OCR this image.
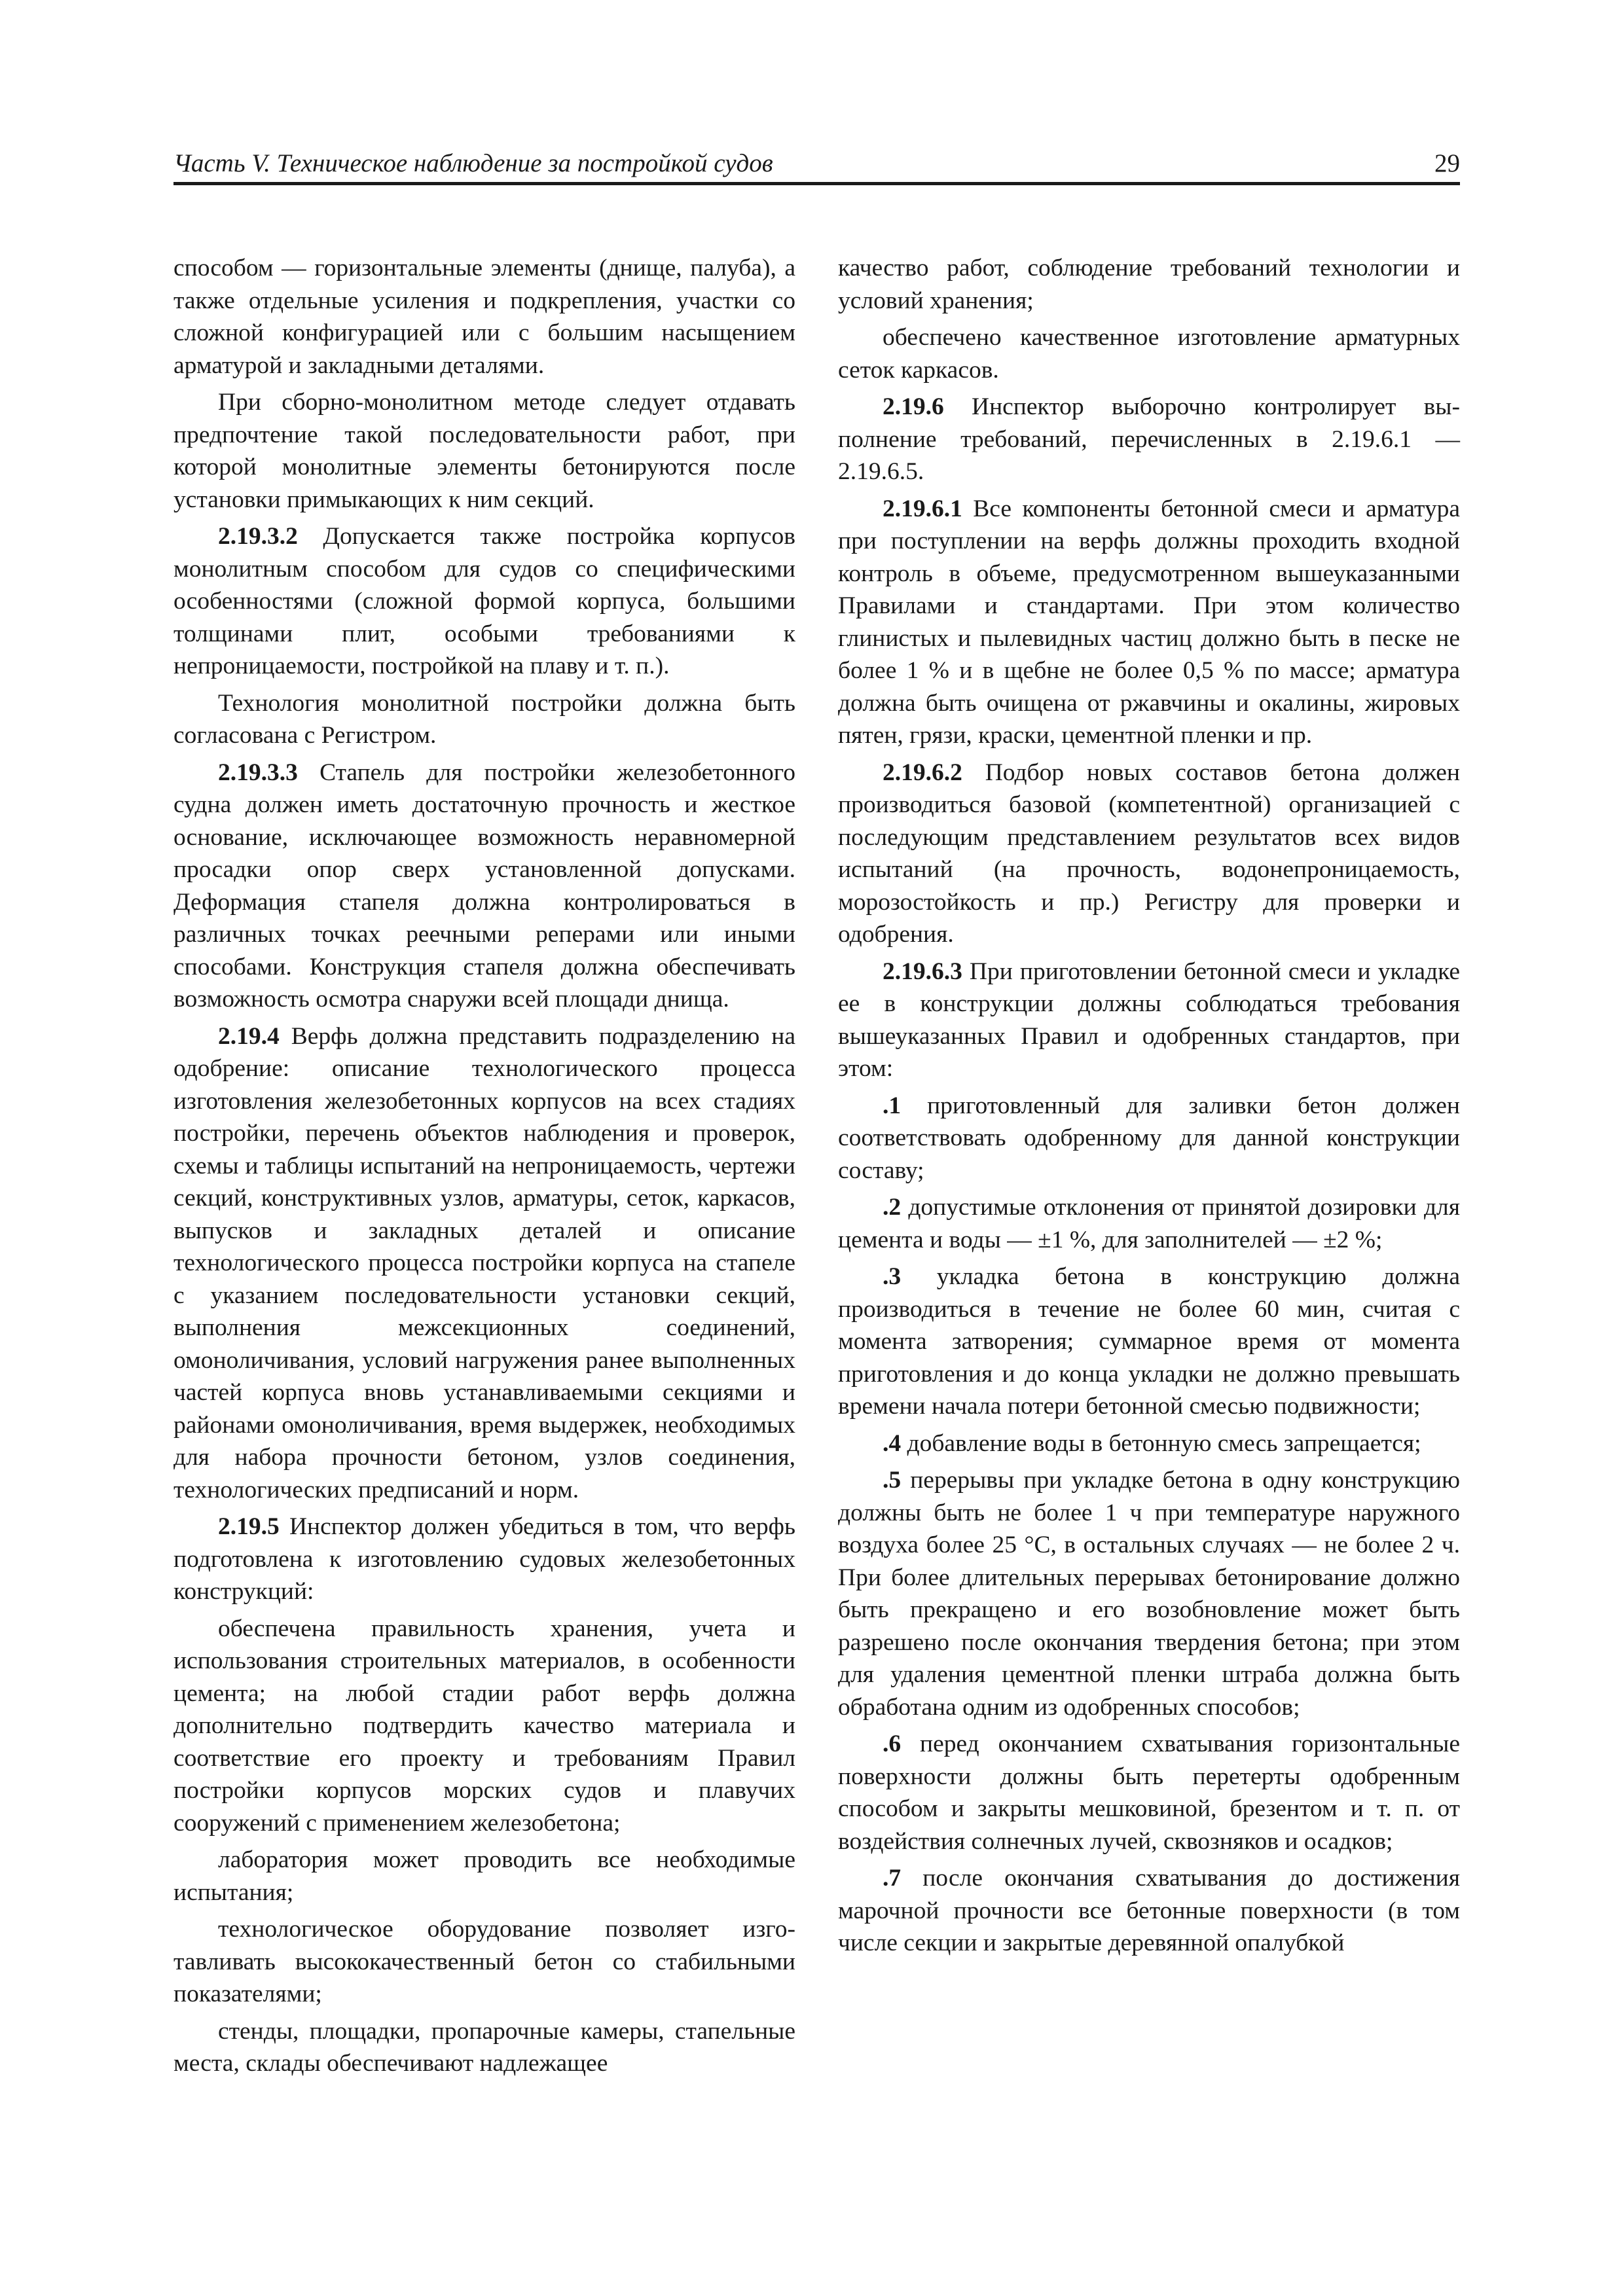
Часть V. Техническое наблюдение за постройкой судов	29

способом — горизонтальные элементы (днище, палуба), а также отдельные усиления и подкрепления, участки со сложной конфигурацией или с большим насыщением арматурой и закладными деталями.

При сборно-монолитном методе следует отдавать предпочтение такой последовательности работ, при которой монолитные элементы бетонируются после установки примыкающих к ним секций.

2.19.3.2 Допускается также постройка корпусов монолитным способом для судов со специфическими особенностями (сложной формой корпуса, большими толщинами плит, особыми требованиями к непроницаемости, постройкой на плаву и т. п.).

Технология монолитной постройки должна быть согласована с Регистром.

2.19.3.3 Стапель для постройки железобетонного судна должен иметь достаточную прочность и жесткое основание, исключающее возможность неравномерной просадки опор сверх установленной допусками. Деформация стапеля должна контролироваться в различных точках реечными реперами или иными способами. Конструкция стапеля должна обеспечивать возможность осмотра снаружи всей площади днища.

2.19.4 Верфь должна представить подразделению на одобрение: описание технологического процесса изготовления железобетонных корпусов на всех стадиях постройки, перечень объектов наблюдения и проверок, схемы и таблицы испытаний на непроницаемость, чертежи секций, конструктивных узлов, арматуры, сеток, каркасов, выпусков и закладных деталей и описание технологического процесса постройки корпуса на стапеле с указанием последовательности установки секций, выполнения межсекционных соединений, омоноличивания, условий нагружения ранее выполненных частей корпуса вновь устанавливаемыми секциями и районами омоноличивания, время выдержек, необходимых для набора прочности бетоном, узлов соединения, технологических предписаний и норм.

2.19.5 Инспектор должен убедиться в том, что верфь подготовлена к изготовлению судовых железобетонных конструкций:

обеспечена правильность хранения, учета и использования строительных материалов, в особенности цемента; на любой стадии работ верфь должна дополнительно подтвердить качество материала и соответствие его проекту и требованиям Правил постройки корпусов морских судов и плавучих сооружений с применением железобетона;

лаборатория может проводить все необходимые испытания;

технологическое оборудование позволяет изготавливать высококачественный бетон со стабильными показателями;

стенды, площадки, пропарочные камеры, стапельные места, склады обеспечивают надлежащее

качество работ, соблюдение требований технологии и условий хранения;

обеспечено качественное изготовление арматурных сеток каркасов.

2.19.6 Инспектор выборочно контролирует выполнение требований, перечисленных в 2.19.6.1 — 2.19.6.5.

2.19.6.1 Все компоненты бетонной смеси и арматура при поступлении на верфь должны проходить входной контроль в объеме, предусмотренном вышеуказанными Правилами и стандартами. При этом количество глинистых и пылевидных частиц должно быть в песке не более 1 % и в щебне не более 0,5 % по массе; арматура должна быть очищена от ржавчины и окалины, жировых пятен, грязи, краски, цементной пленки и пр.

2.19.6.2 Подбор новых составов бетона должен производиться базовой (компетентной) организацией с последующим представлением результатов всех видов испытаний (на прочность, водонепроницаемость, морозостойкость и пр.) Регистру для проверки и одобрения.

2.19.6.3 При приготовлении бетонной смеси и укладке ее в конструкции должны соблюдаться требования вышеуказанных Правил и одобренных стандартов, при этом:

.1 приготовленный для заливки бетон должен соответствовать одобренному для данной конструкции составу;

.2 допустимые отклонения от принятой дозировки для цемента и воды — ±1 %, для заполнителей — ±2 %;

.3 укладка бетона в конструкцию должна производиться в течение не более 60 мин, считая с момента затворения; суммарное время от момента приготовления и до конца укладки не должно превышать времени начала потери бетонной смесью подвижности;

.4 добавление воды в бетонную смесь запрещается;

.5 перерывы при укладке бетона в одну конструкцию должны быть не более 1 ч при температуре наружного воздуха более 25 °C, в остальных случаях — не более 2 ч. При более длительных перерывах бетонирование должно быть прекращено и его возобновление может быть разрешено после окончания твердения бетона; при этом для удаления цементной пленки штраба должна быть обработана одним из одобренных способов;

.6 перед окончанием схватывания горизонтальные поверхности должны быть перетерты одобренным способом и закрыты мешковиной, брезентом и т. п. от воздействия солнечных лучей, сквозняков и осадков;

.7 после окончания схватывания до достижения марочной прочности все бетонные поверхности (в том числе секции и закрытые деревянной опалубкой
